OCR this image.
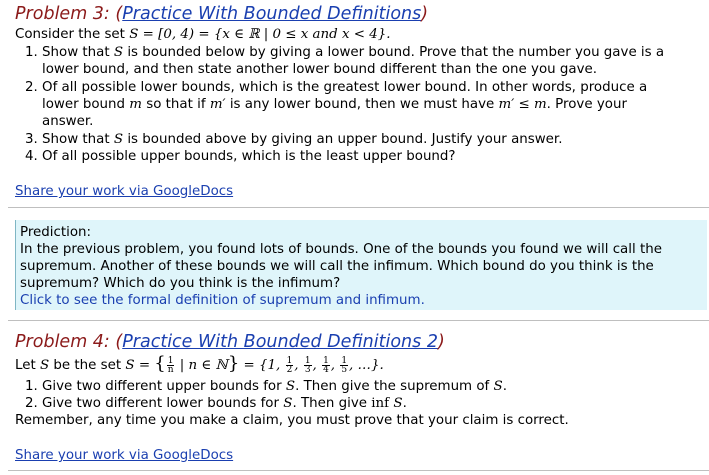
Problem 3: (Practice With Bounded Definitions)
Consider the set S = [0, 4) = {x ∈ ℝ | 0 ≤ x and x < 4}.
1. Show that S is bounded below by giving a lower bound. Prove that the number you gave is a
lower bound, and then state another lower bound different than the one you gave.
2. Of all possible lower bounds, which is the greatest lower bound. In other words, produce a
lower bound m so that if m′ is any lower bound, then we must have m′ ≤ m. Prove your
answer.
3. Show that S is bounded above by giving an upper bound. Justify your answer.
4. Of all possible upper bounds, which is the least upper bound?
Share your work via GoogleDocs
Prediction:
In the previous problem, you found lots of bounds. One of the bounds you found we will call the
supremum. Another of these bounds we will call the infimum. Which bound do you think is the
supremum? Which do you think is the infimum?
Click to see the formal definition of supremum and infimum.
Problem 4: (Practice With Bounded Definitions 2)
Let S be the set S = { $\frac{1}{n}$ | n ∈ ℕ} = {1, $\frac{1}{2}$ , $\frac{1}{3}$ , $\frac{1}{4}$ , $\frac{1}{5}$ , …}.
1. Give two different upper bounds for S. Then give the supremum of S.
2. Give two different lower bounds for S. Then give inf S.
Remember, any time you make a claim, you must prove that your claim is correct.
Share your work via GoogleDocs
